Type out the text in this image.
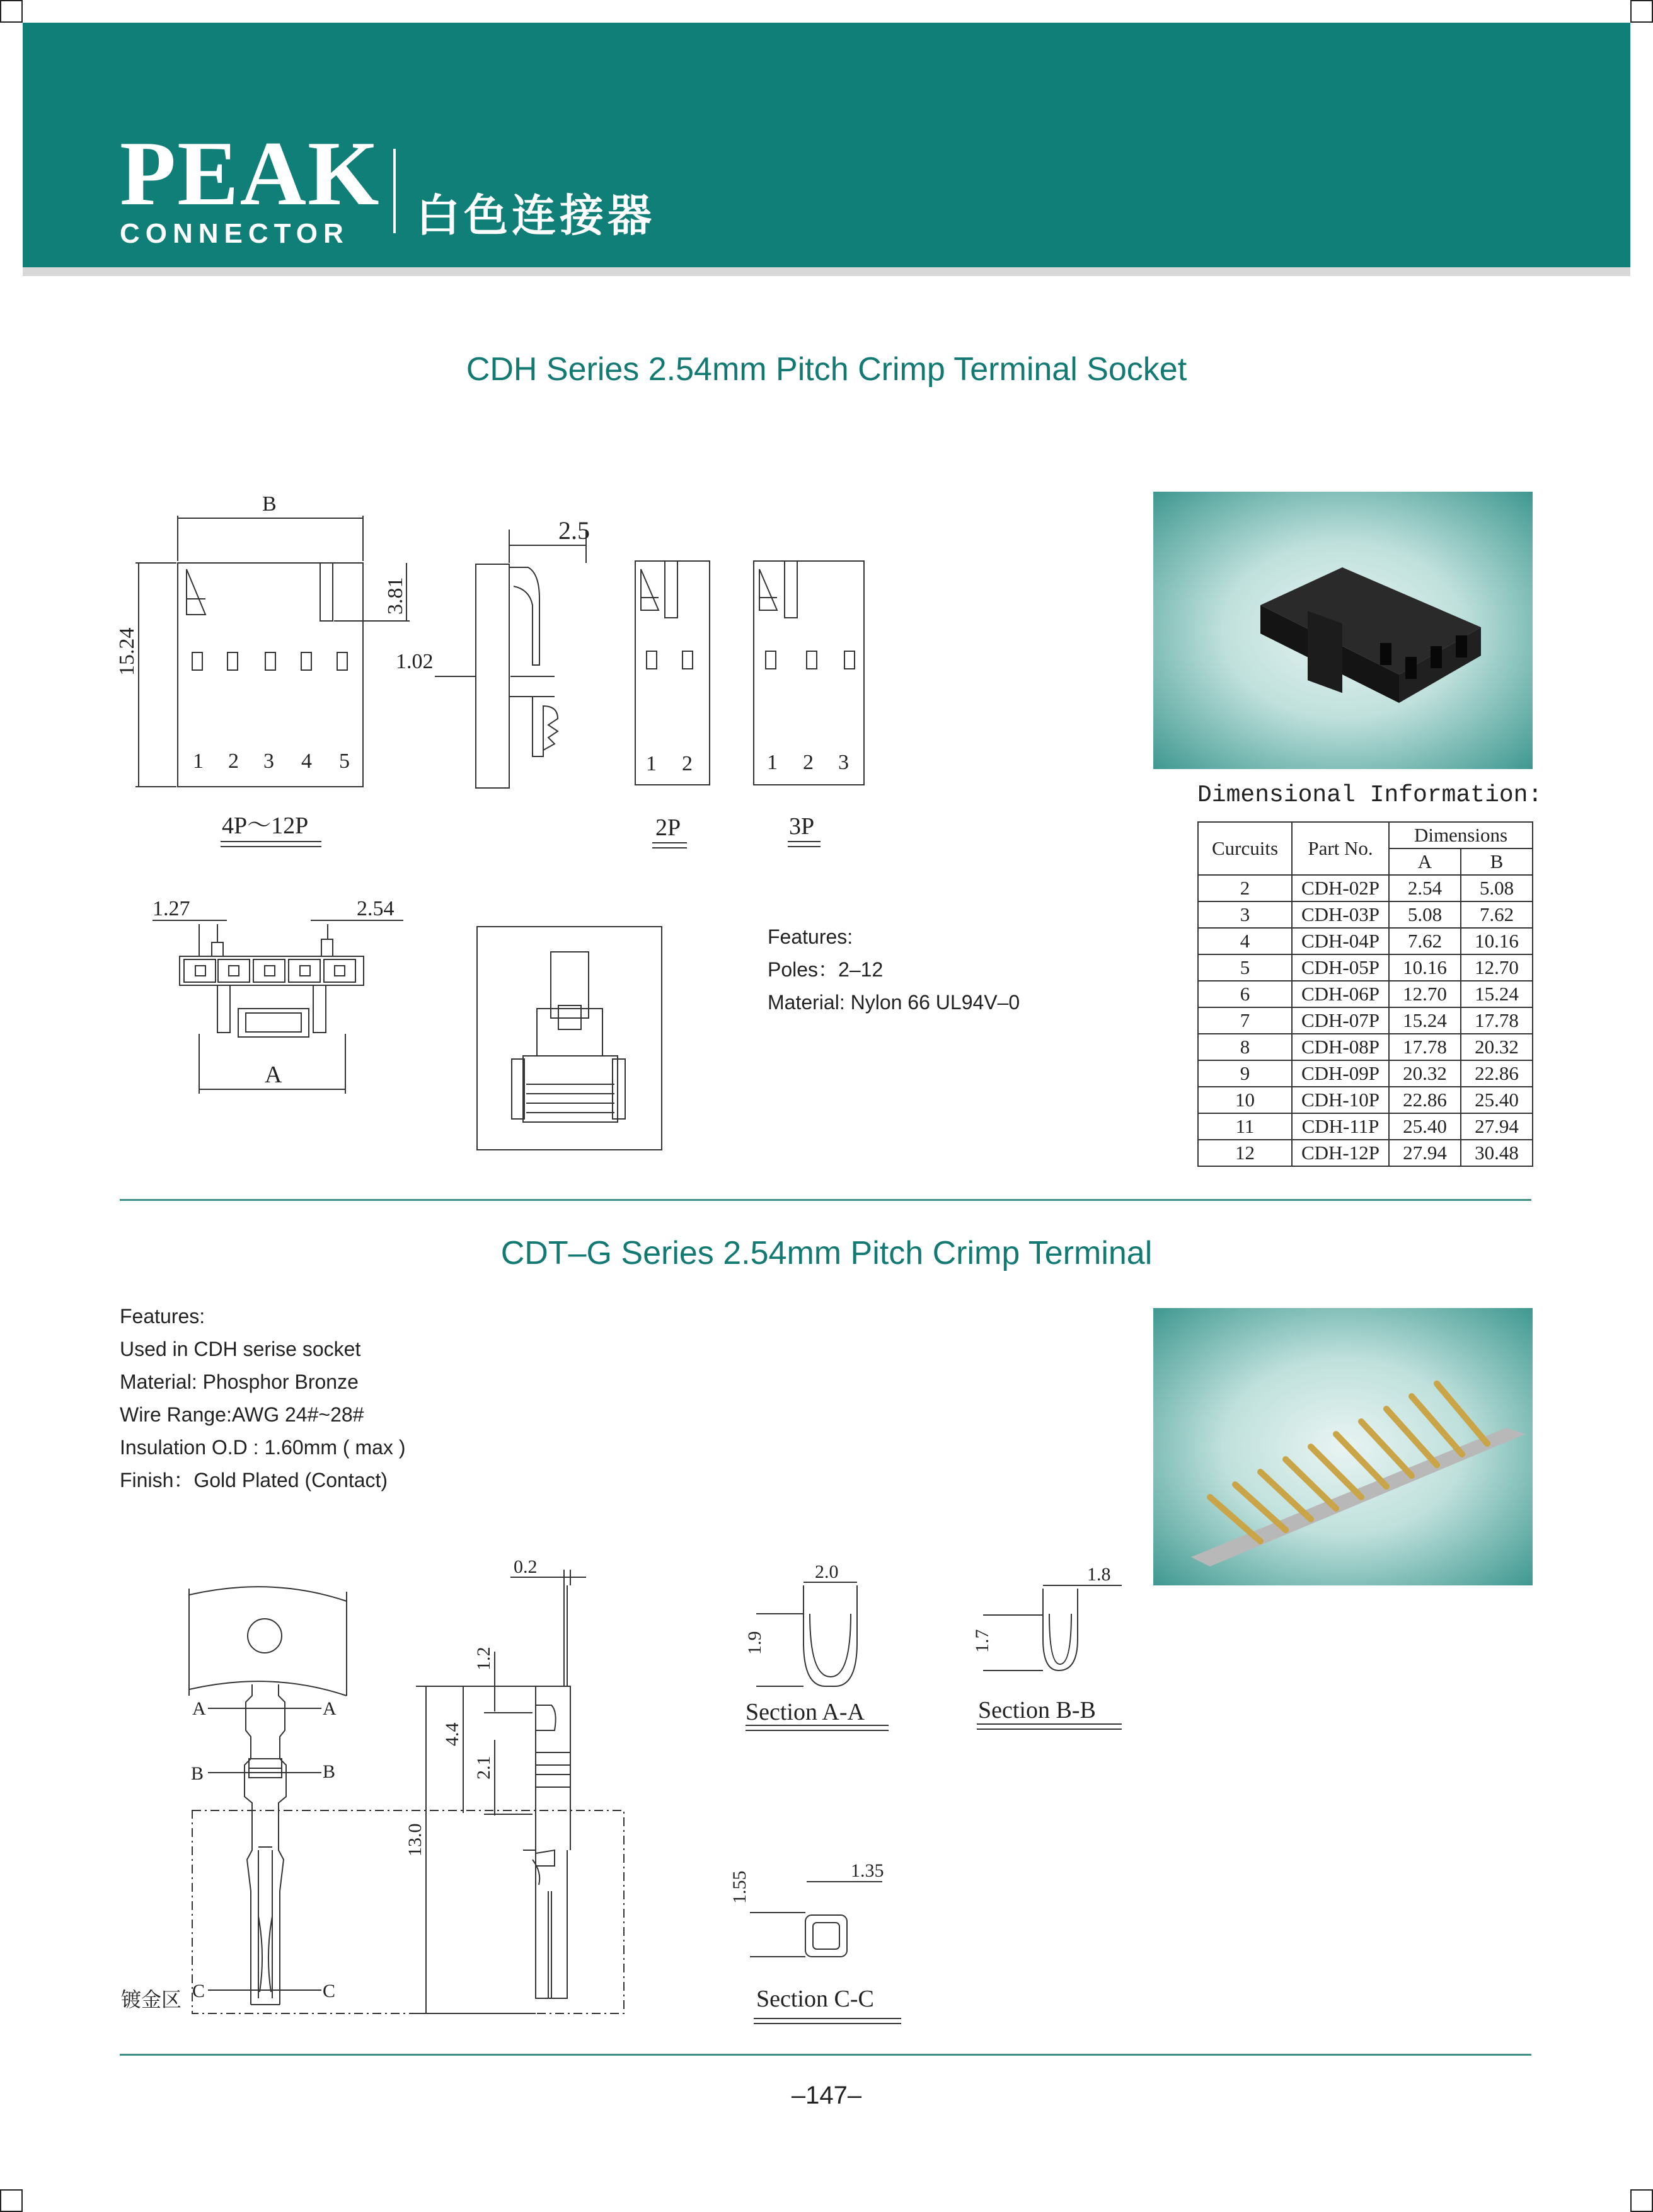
PEAK
CONNECTOR	白色连接器
CDH Series 2.54mm Pitch Crimp Terminal Socket
B
15.24
3.81
2.5
1.02
1 2 3 4 5	1 2	1 2 3
4P～12P	2P	3P
1.27	2.54
A
Dimensional Information:
Curcuits	Part No.	Dimensions	
		A	B
2	CDH-02P	2.54	5.08
3	CDH-03P	5.08	7.62
4	CDH-04P	7.62	10.16
5	CDH-05P	10.16	12.70
6	CDH-06P	12.70	15.24
7	CDH-07P	15.24	17.78
8	CDH-08P	17.78	20.32
9	CDH-09P	20.32	22.86
10	CDH-10P	22.86	25.40
11	CDH-11P	25.40	27.94
12	CDH-12P	27.94	30.48
Features:
Poles：2–12
Material: Nylon 66 UL94V–0
CDT–G Series 2.54mm Pitch Crimp Terminal
Features:
Used in CDH serise socket
Material: Phosphor Bronze
Wire Range:AWG 24#~28#
Insulation O.D : 1.60mm ( max )
Finish：Gold Plated (Contact)
0.2
1.2
4.4
2.1
13.0
A	A
B	B
C	C
镀金区
2.0
1.9
Section A-A
1.8
1.7
Section B-B
1.35
1.55
Section C-C
–147–
